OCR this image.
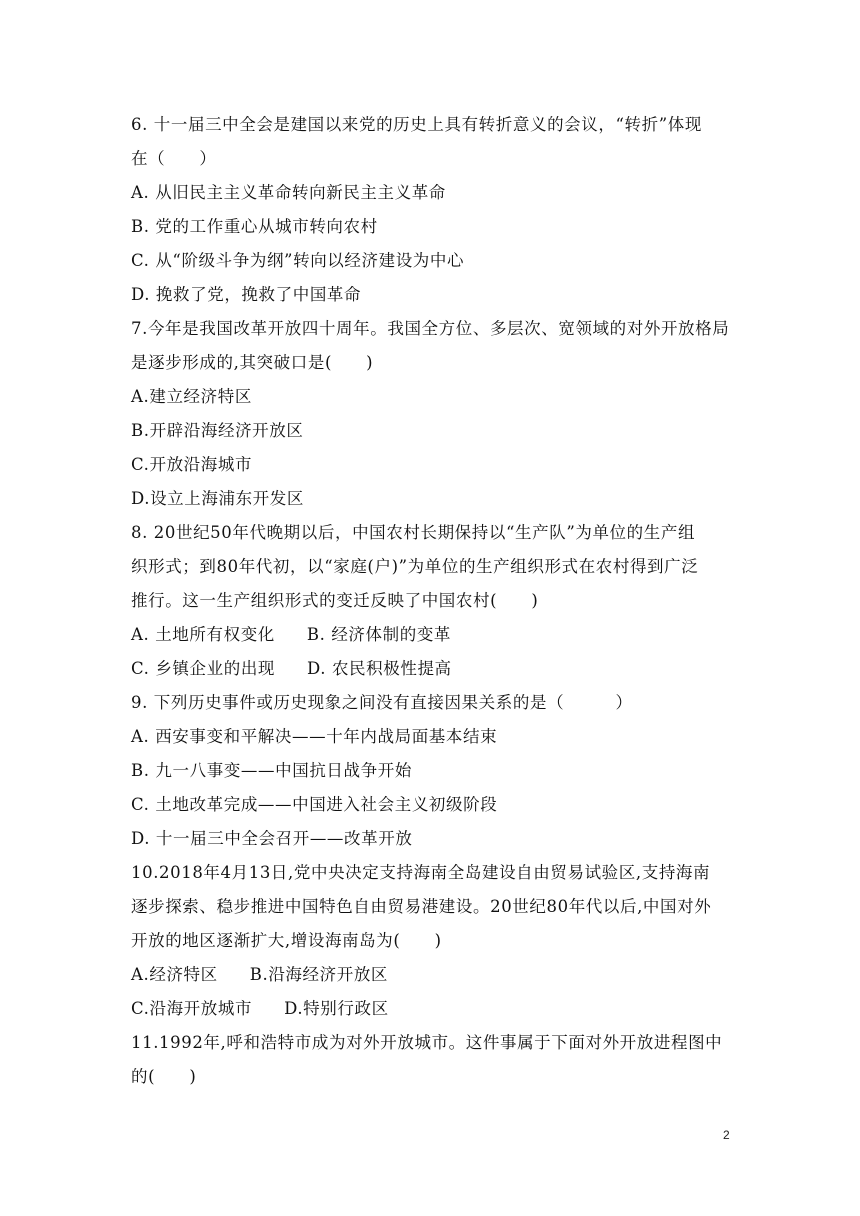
6. 十一届三中全会是建国以来党的历史上具有转折意义的会议，“转折”体现
在（　　）
A. 从旧民主主义革命转向新民主主义革命
B. 党的工作重心从城市转向农村
C. 从“阶级斗争为纲”转向以经济建设为中心
D. 挽救了党，挽救了中国革命
7.今年是我国改革开放四十周年。我国全方位、多层次、宽领域的对外开放格局
是逐步形成的,其突破口是(　　)
A.建立经济特区
B.开辟沿海经济开放区
C.开放沿海城市
D.设立上海浦东开发区
8. 20世纪50年代晚期以后，中国农村长期保持以“生产队”为单位的生产组
织形式；到80年代初，以“家庭(户)”为单位的生产组织形式在农村得到广泛
推行。这一生产组织形式的变迁反映了中国农村(　　)
A. 土地所有权变化 B. 经济体制的变革
C. 乡镇企业的出现 D. 农民积极性提高
9. 下列历史事件或历史现象之间没有直接因果关系的是（　　　）
A. 西安事变和平解决——十年内战局面基本结束
B. 九一八事变——中国抗日战争开始
C. 土地改革完成——中国进入社会主义初级阶段
D. 十一届三中全会召开——改革开放
10.2018年4月13日,党中央决定支持海南全岛建设自由贸易试验区,支持海南
逐步探索、稳步推进中国特色自由贸易港建设。20世纪80年代以后,中国对外
开放的地区逐渐扩大,增设海南岛为(　　)
A.经济特区 B.沿海经济开放区
C.沿海开放城市 D.特别行政区
11.1992年,呼和浩特市成为对外开放城市。这件事属于下面对外开放进程图中
的(　　)
2
